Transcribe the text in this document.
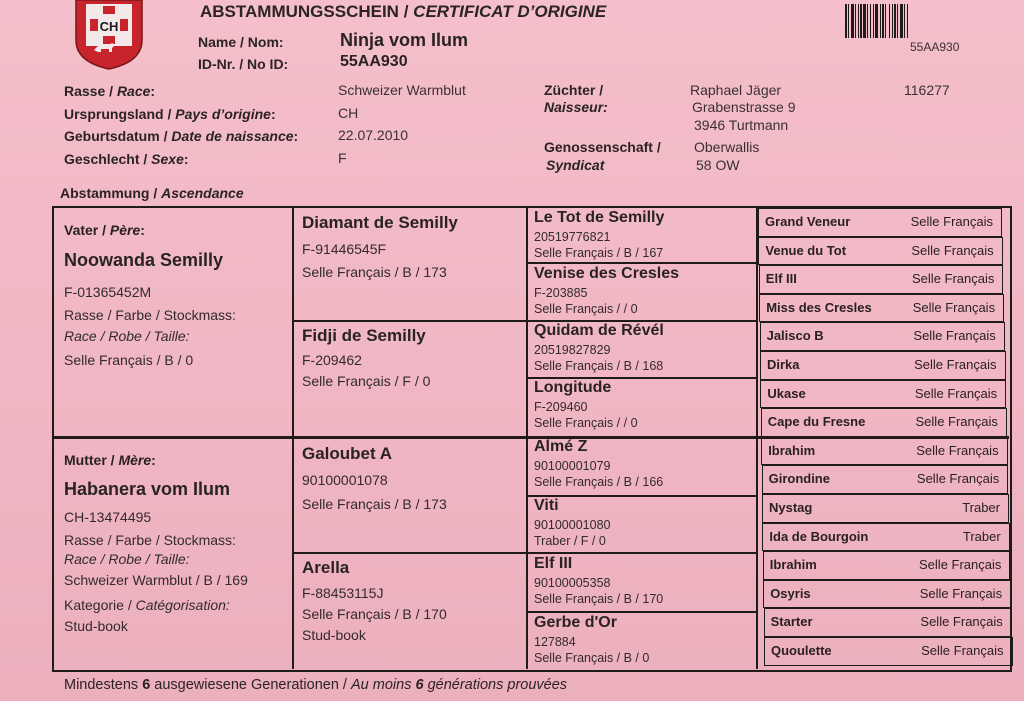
CH
ABSTAMMUNGSSCHEIN / CERTIFICAT D’ORIGINE
Name / Nom:	Ninja vom Ilum
ID-Nr. / No ID:	55AA930
55AA930
Rasse / Race:	Schweizer Warmblut
Ursprungsland / Pays d’origine:	CH
Geburtsdatum / Date de naissance:	22.07.2010
Geschlecht / Sexe:	F
Züchter /
Naisseur:
Raphael Jäger
Grabenstrasse 9
3946 Turtmann
116277
Genossenschaft /
Syndicat
Oberwallis
58 OW
Abstammung / Ascendance
Vater / Père:
Noowanda Semilly
F-01365452M
Rasse / Farbe / Stockmass:
Race / Robe / Taille:
Selle Français / B / 0
Mutter / Mère:
Habanera vom Ilum
CH-13474495
Rasse / Farbe / Stockmass:
Race / Robe / Taille:
Schweizer Warmblut / B / 169
Kategorie / Catégorisation:
Stud-book
Diamant de Semilly
F-91446545F
Selle Français / B / 173
Fidji de Semilly
F-209462
Selle Français / F / 0
Galoubet A
90100001078
Selle Français / B / 173
Arella
F-88453115J
Selle Français / B / 170
Stud-book
Le Tot de Semilly
20519776821
Selle Français / B / 167
Venise des Cresles
F-203885
Selle Français / / 0
Quidam de Révél
20519827829
Selle Français / B / 168
Longitude
F-209460
Selle Français / / 0
Almé Z
90100001079
Selle Français / B / 166
Viti
90100001080
Traber / F / 0
Elf III
90100005358
Selle Français / B / 170
Gerbe d'Or
127884
Selle Français / B / 0
Grand Veneur	Selle Français
Venue du Tot	Selle Français
Elf III	Selle Français
Miss des Cresles	Selle Français
Jalisco B	Selle Français
Dirka	Selle Français
Ukase	Selle Français
Cape du Fresne	Selle Français
Ibrahim	Selle Français
Girondine	Selle Français
Nystag	Traber
Ida de Bourgoin	Traber
Ibrahim	Selle Français
Osyris	Selle Français
Starter	Selle Français
Quoulette	Selle Français
Mindestens 6 ausgewiesene Generationen / Au moins 6 générations prouvées
